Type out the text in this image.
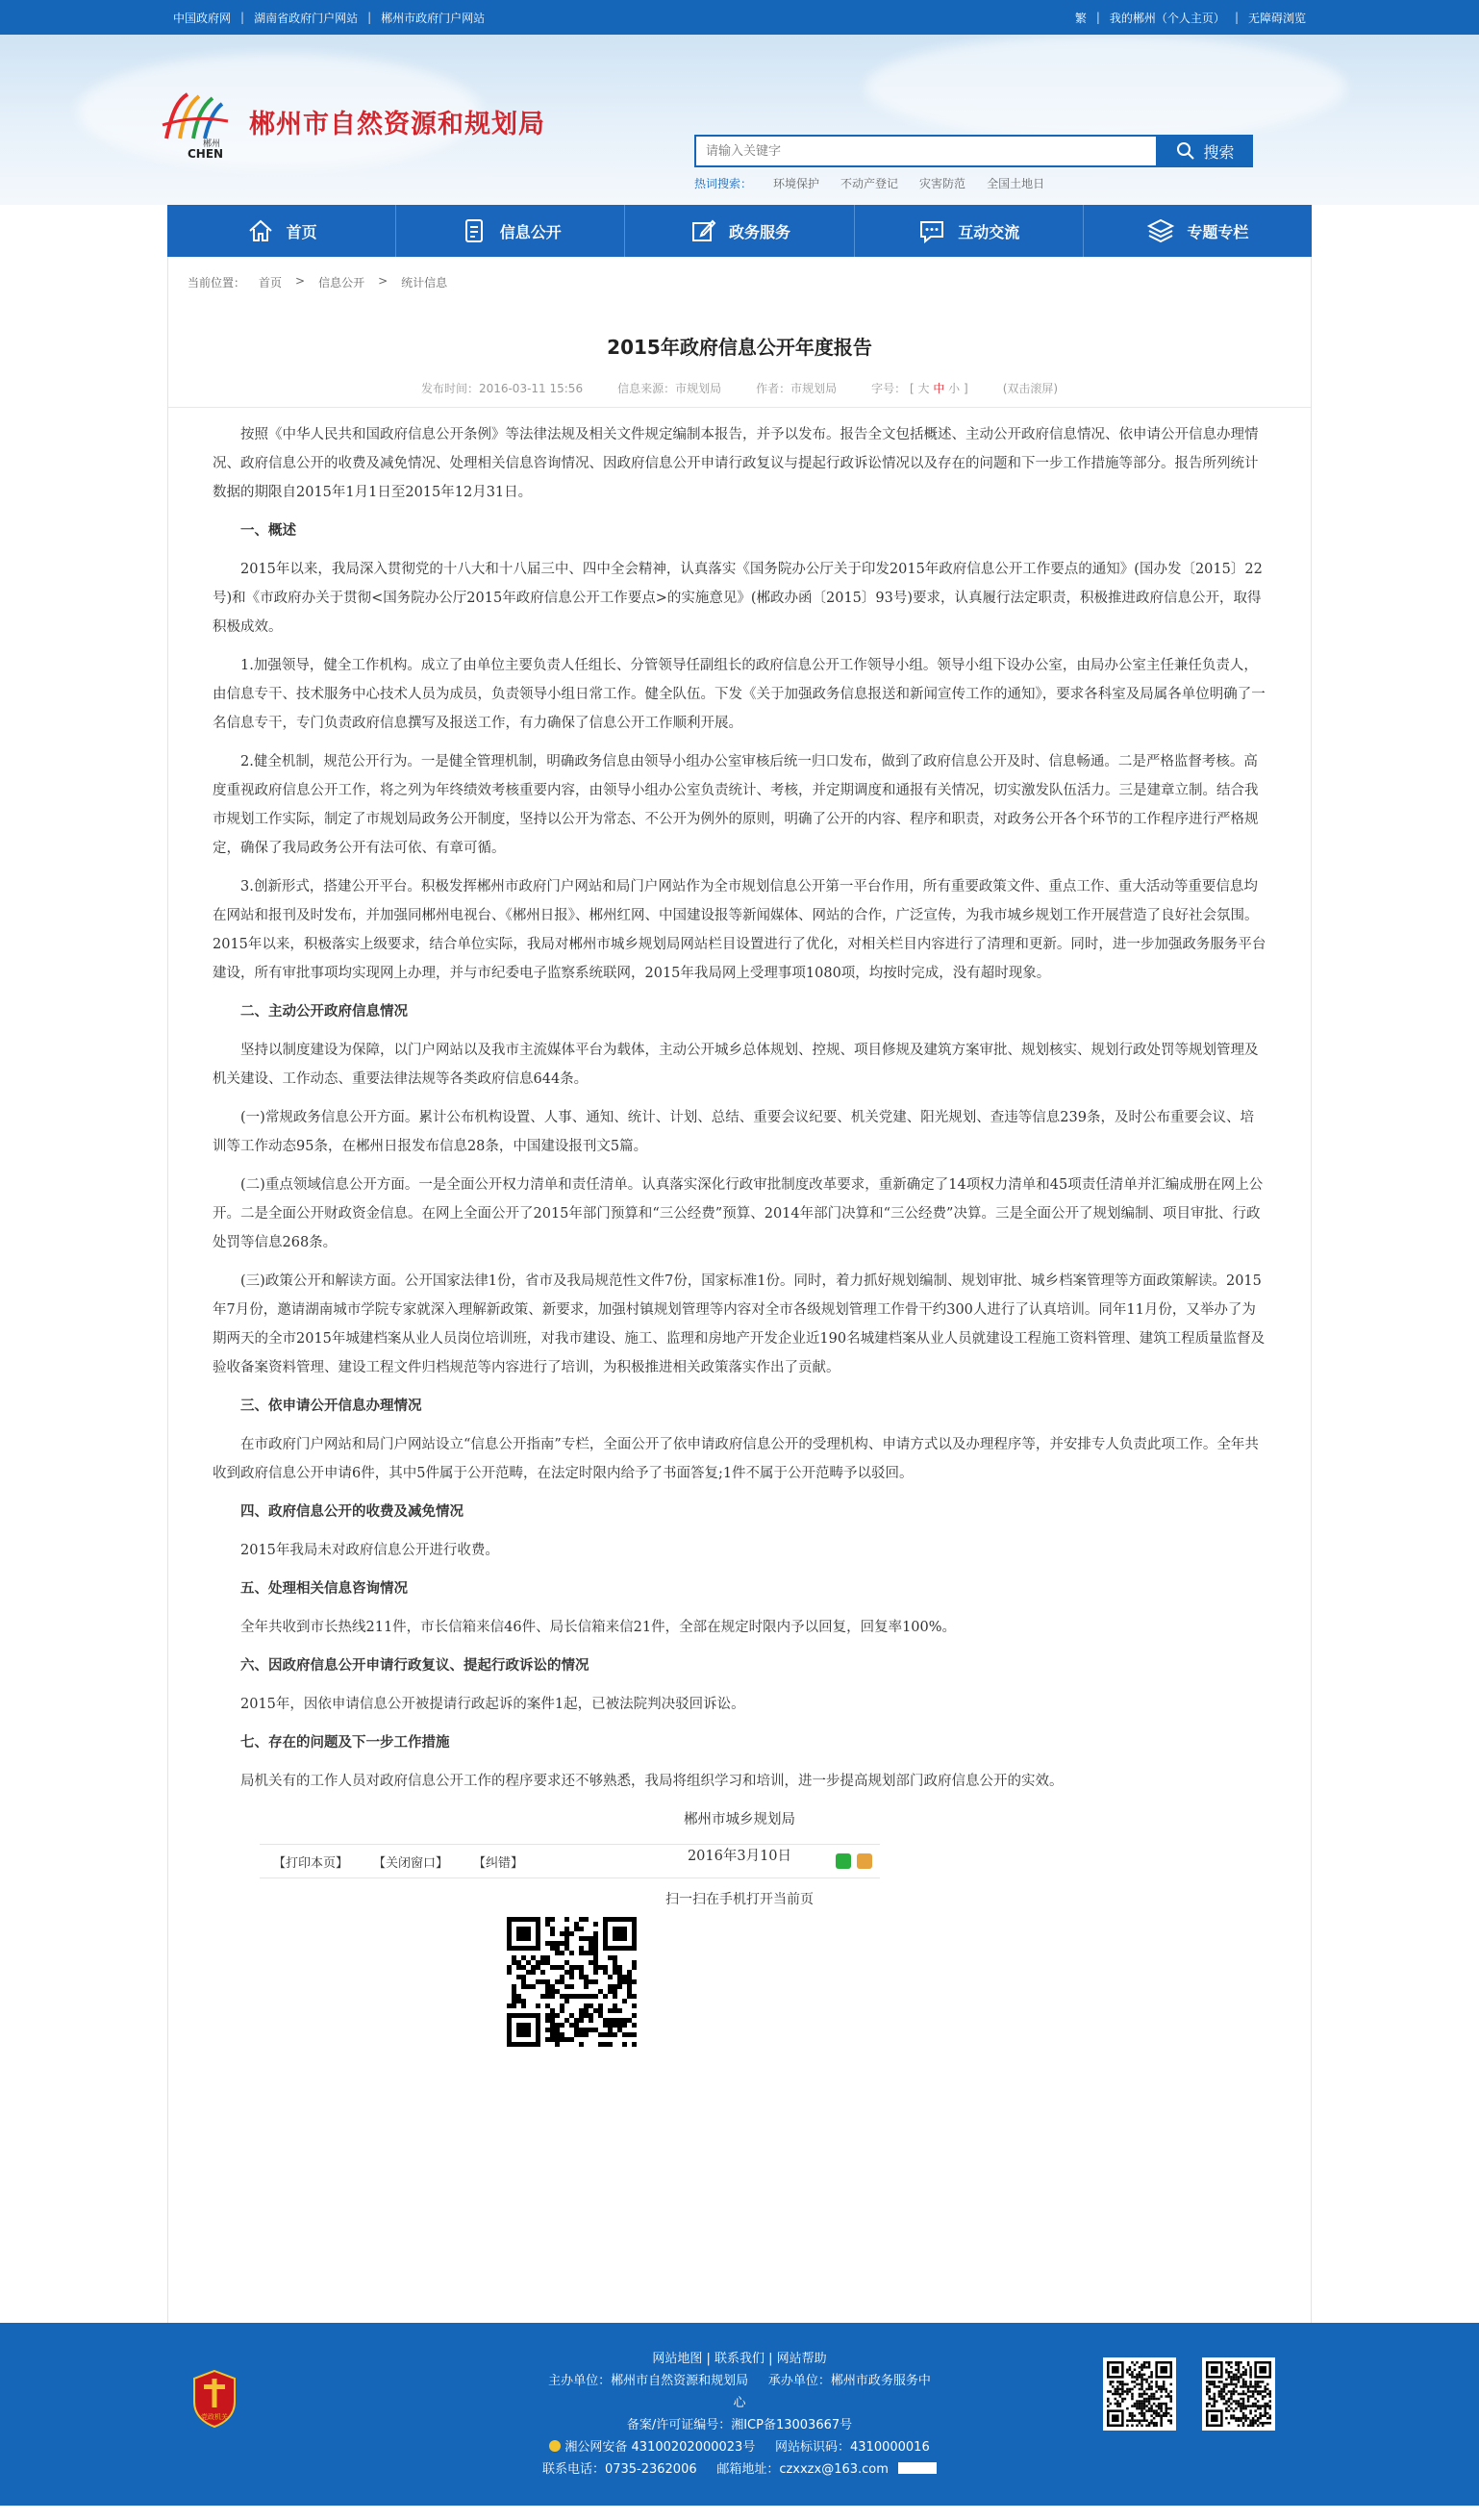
中国政府网 | 湖南省政府门户网站 | 郴州市政府门户网站	繁 | 我的郴州（个人主页） | 无障碍浏览
郴州
CHEN
郴州市自然资源和规划局
请输入关键字
搜索
热词搜索： 环境保护 不动产登记 灾害防范 全国土地日
首页	信息公开	政务服务	互动交流	专题专栏
当前位置： 首页 > 信息公开 > 统计信息
2015年政府信息公开年度报告
发布时间：2016-03-11 15:56	信息来源：市规划局	作者：市规划局	字号： [ 大 中 小 ]	(双击滚屏)

按照《中华人民共和国政府信息公开条例》等法律法规及相关文件规定编制本报告，并予以发布。报告全文包括概述、主动公开政府信息情况、依申请公开信息办理情况、政府信息公开的收费及减免情况、处理相关信息咨询情况、因政府信息公开申请行政复议与提起行政诉讼情况以及存在的问题和下一步工作措施等部分。报告所列统计数据的期限自2015年1月1日至2015年12月31日。

一、概述

2015年以来，我局深入贯彻党的十八大和十八届三中、四中全会精神，认真落实《国务院办公厅关于印发2015年政府信息公开工作要点的通知》(国办发〔2015〕22号)和《市政府办关于贯彻<国务院办公厅2015年政府信息公开工作要点>的实施意见》(郴政办函〔2015〕93号)要求，认真履行法定职责，积极推进政府信息公开，取得积极成效。

1.加强领导，健全工作机构。成立了由单位主要负责人任组长、分管领导任副组长的政府信息公开工作领导小组。领导小组下设办公室，由局办公室主任兼任负责人，由信息专干、技术服务中心技术人员为成员，负责领导小组日常工作。健全队伍。下发《关于加强政务信息报送和新闻宣传工作的通知》，要求各科室及局属各单位明确了一名信息专干，专门负责政府信息撰写及报送工作，有力确保了信息公开工作顺利开展。

2.健全机制，规范公开行为。一是健全管理机制，明确政务信息由领导小组办公室审核后统一归口发布，做到了政府信息公开及时、信息畅通。二是严格监督考核。高度重视政府信息公开工作，将之列为年终绩效考核重要内容，由领导小组办公室负责统计、考核，并定期调度和通报有关情况，切实激发队伍活力。三是建章立制。结合我市规划工作实际，制定了市规划局政务公开制度，坚持以公开为常态、不公开为例外的原则，明确了公开的内容、程序和职责，对政务公开各个环节的工作程序进行严格规定，确保了我局政务公开有法可依、有章可循。

3.创新形式，搭建公开平台。积极发挥郴州市政府门户网站和局门户网站作为全市规划信息公开第一平台作用，所有重要政策文件、重点工作、重大活动等重要信息均在网站和报刊及时发布，并加强同郴州电视台、《郴州日报》、郴州红网、中国建设报等新闻媒体、网站的合作，广泛宣传，为我市城乡规划工作开展营造了良好社会氛围。2015年以来，积极落实上级要求，结合单位实际，我局对郴州市城乡规划局网站栏目设置进行了优化，对相关栏目内容进行了清理和更新。同时，进一步加强政务服务平台建设，所有审批事项均实现网上办理，并与市纪委电子监察系统联网，2015年我局网上受理事项1080项，均按时完成，没有超时现象。

二、主动公开政府信息情况

坚持以制度建设为保障，以门户网站以及我市主流媒体平台为载体，主动公开城乡总体规划、控规、项目修规及建筑方案审批、规划核实、规划行政处罚等规划管理及机关建设、工作动态、重要法律法规等各类政府信息644条。

(一)常规政务信息公开方面。累计公布机构设置、人事、通知、统计、计划、总结、重要会议纪要、机关党建、阳光规划、查违等信息239条，及时公布重要会议、培训等工作动态95条，在郴州日报发布信息28条，中国建设报刊文5篇。

(二)重点领域信息公开方面。一是全面公开权力清单和责任清单。认真落实深化行政审批制度改革要求，重新确定了14项权力清单和45项责任清单并汇编成册在网上公开。二是全面公开财政资金信息。在网上全面公开了2015年部门预算和“三公经费”预算、2014年部门决算和“三公经费”决算。三是全面公开了规划编制、项目审批、行政处罚等信息268条。

(三)政策公开和解读方面。公开国家法律1份，省市及我局规范性文件7份，国家标准1份。同时，着力抓好规划编制、规划审批、城乡档案管理等方面政策解读。2015年7月份，邀请湖南城市学院专家就深入理解新政策、新要求，加强村镇规划管理等内容对全市各级规划管理工作骨干约300人进行了认真培训。同年11月份，又举办了为期两天的全市2015年城建档案从业人员岗位培训班，对我市建设、施工、监理和房地产开发企业近190名城建档案从业人员就建设工程施工资料管理、建筑工程质量监督及验收备案资料管理、建设工程文件归档规范等内容进行了培训，为积极推进相关政策落实作出了贡献。

三、依申请公开信息办理情况

在市政府门户网站和局门户网站设立“信息公开指南”专栏，全面公开了依申请政府信息公开的受理机构、申请方式以及办理程序等，并安排专人负责此项工作。全年共收到政府信息公开申请6件，其中5件属于公开范畴，在法定时限内给予了书面答复;1件不属于公开范畴予以驳回。

四、政府信息公开的收费及减免情况

2015年我局未对政府信息公开进行收费。

五、处理相关信息咨询情况

全年共收到市长热线211件，市长信箱来信46件、局长信箱来信21件，全部在规定时限内予以回复，回复率100%。

六、因政府信息公开申请行政复议、提起行政诉讼的情况

2015年，因依申请信息公开被提请行政起诉的案件1起，已被法院判决驳回诉讼。

七、存在的问题及下一步工作措施

局机关有的工作人员对政府信息公开工作的程序要求还不够熟悉，我局将组织学习和培训，进一步提高规划部门政府信息公开的实效。

郴州市城乡规划局

2016年3月10日

【打印本页】 【关闭窗口】 【纠错】
扫一扫在手机打开当前页
党政机关
网站地图 | 联系我们 | 网站帮助
主办单位：郴州市自然资源和规划局 承办单位：郴州市政务服务中
心
备案/许可证编号：湘ICP备13003667号
湘公网安备 43100202000023号 网站标识码：4310000016
联系电话：0735-2362006 邮箱地址：czxxzx@163.com
